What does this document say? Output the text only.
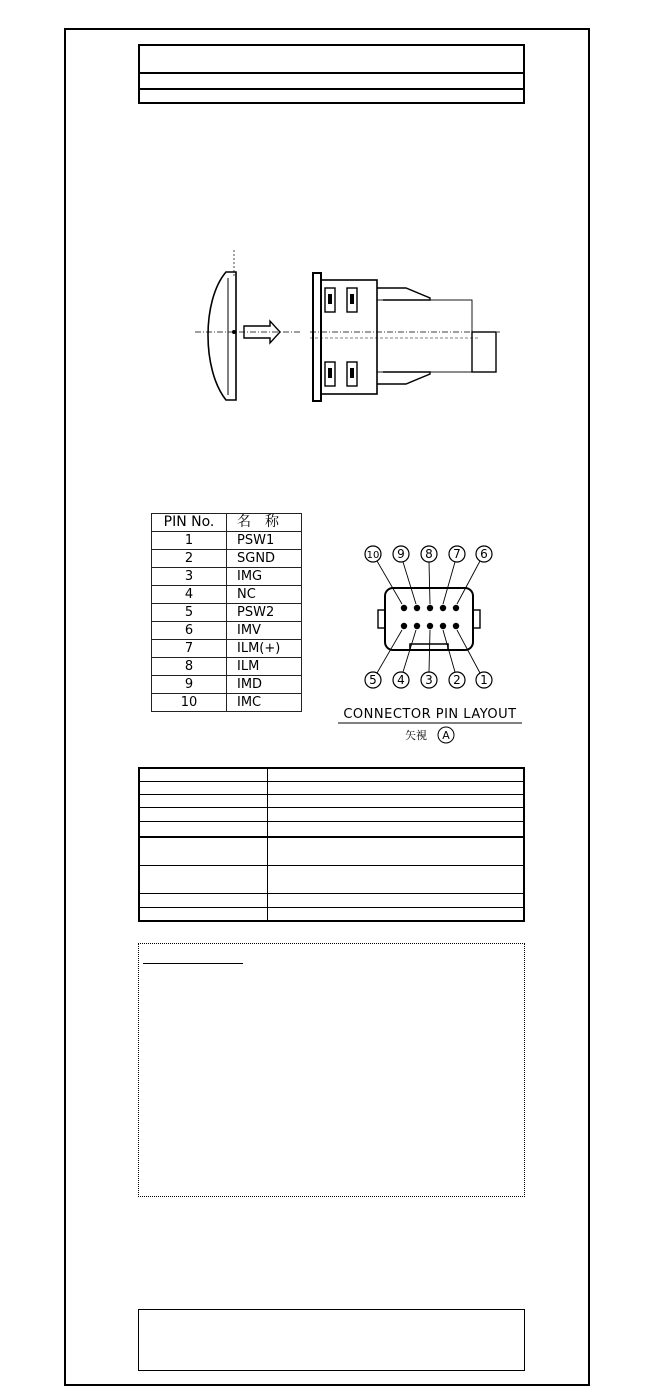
PIN No.	名　称
1	PSW1
2	SGND
3	IMG
4	NC
5	PSW2
6	IMV
7	ILM(+)
8	ILM
9	IMD
10	IMC
10 9 8 7 6
5 4 3 2 1
CONNECTOR PIN LAYOUT
矢視 A
